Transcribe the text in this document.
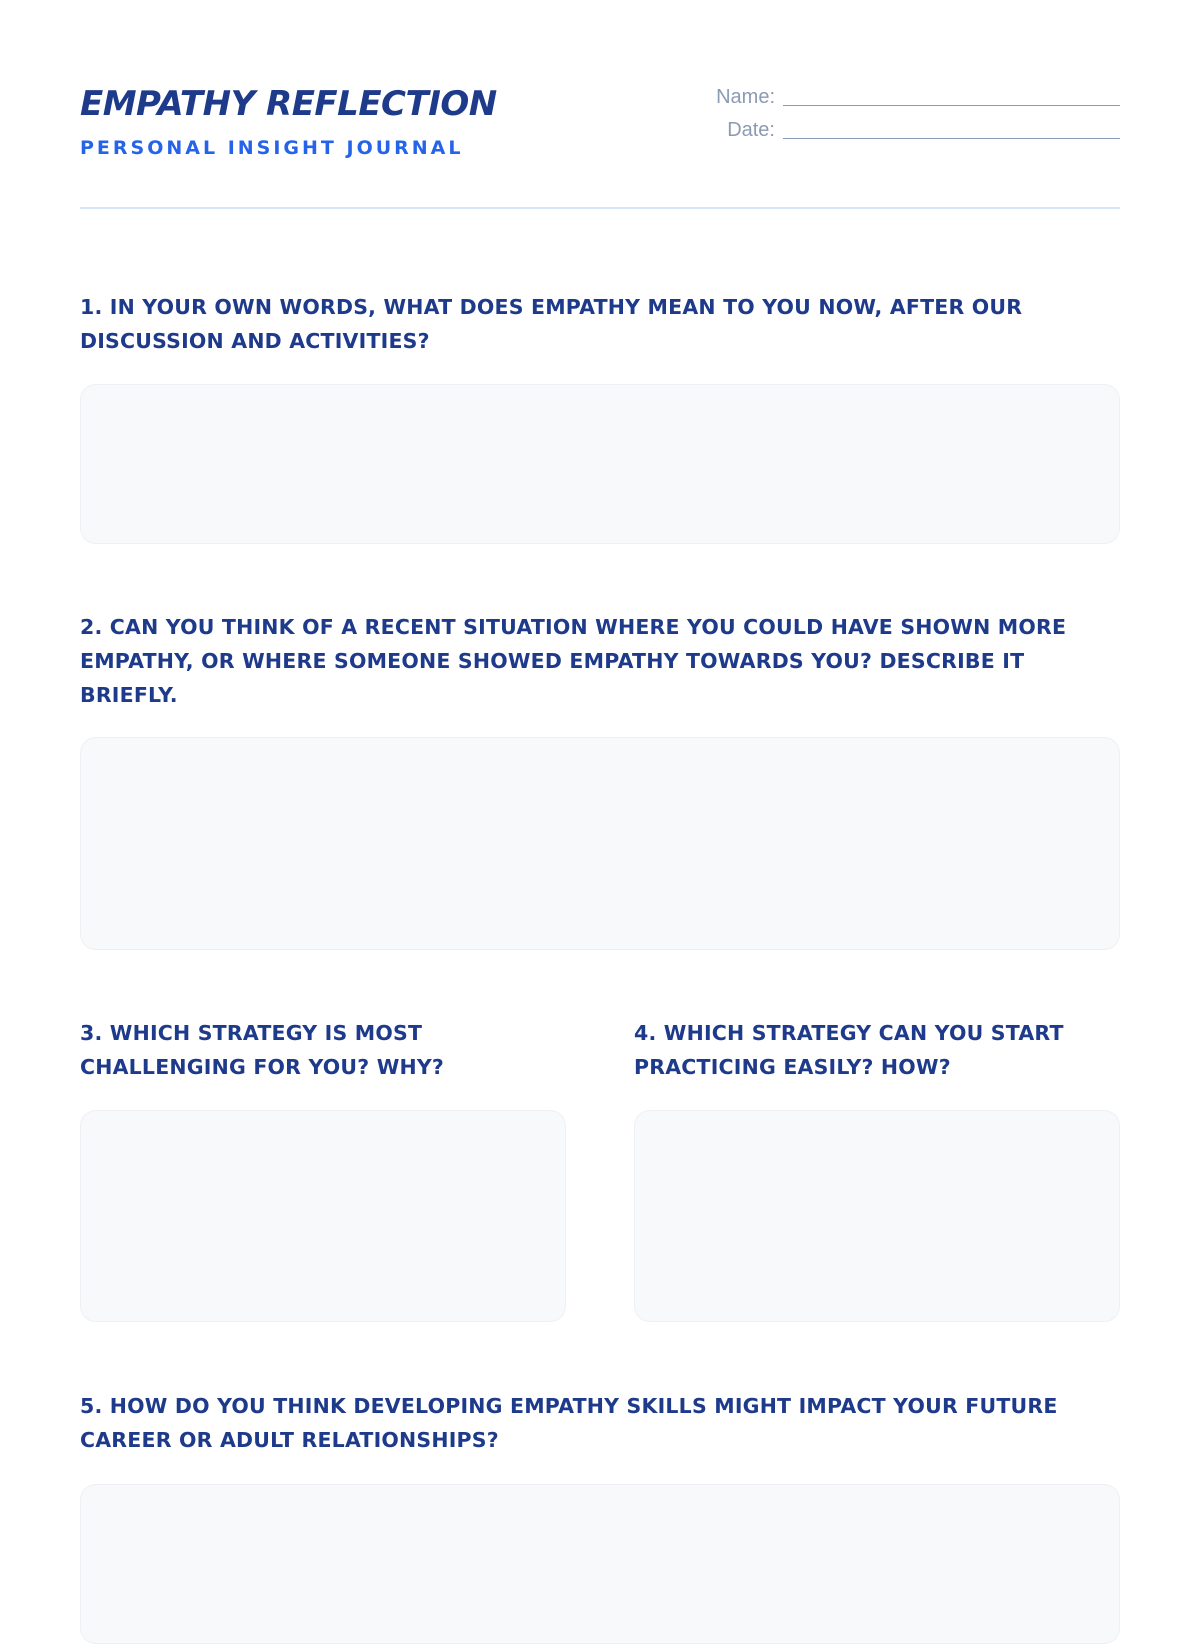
EMPATHY REFLECTION
PERSONAL INSIGHT JOURNAL
Name:
Date:
1. IN YOUR OWN WORDS, WHAT DOES EMPATHY MEAN TO YOU NOW, AFTER OUR DISCUSSION AND ACTIVITIES?
2. CAN YOU THINK OF A RECENT SITUATION WHERE YOU COULD HAVE SHOWN MORE EMPATHY, OR WHERE SOMEONE SHOWED EMPATHY TOWARDS YOU? DESCRIBE IT BRIEFLY.
3. WHICH STRATEGY IS MOST CHALLENGING FOR YOU? WHY?
4. WHICH STRATEGY CAN YOU START PRACTICING EASILY? HOW?
5. HOW DO YOU THINK DEVELOPING EMPATHY SKILLS MIGHT IMPACT YOUR FUTURE CAREER OR ADULT RELATIONSHIPS?
